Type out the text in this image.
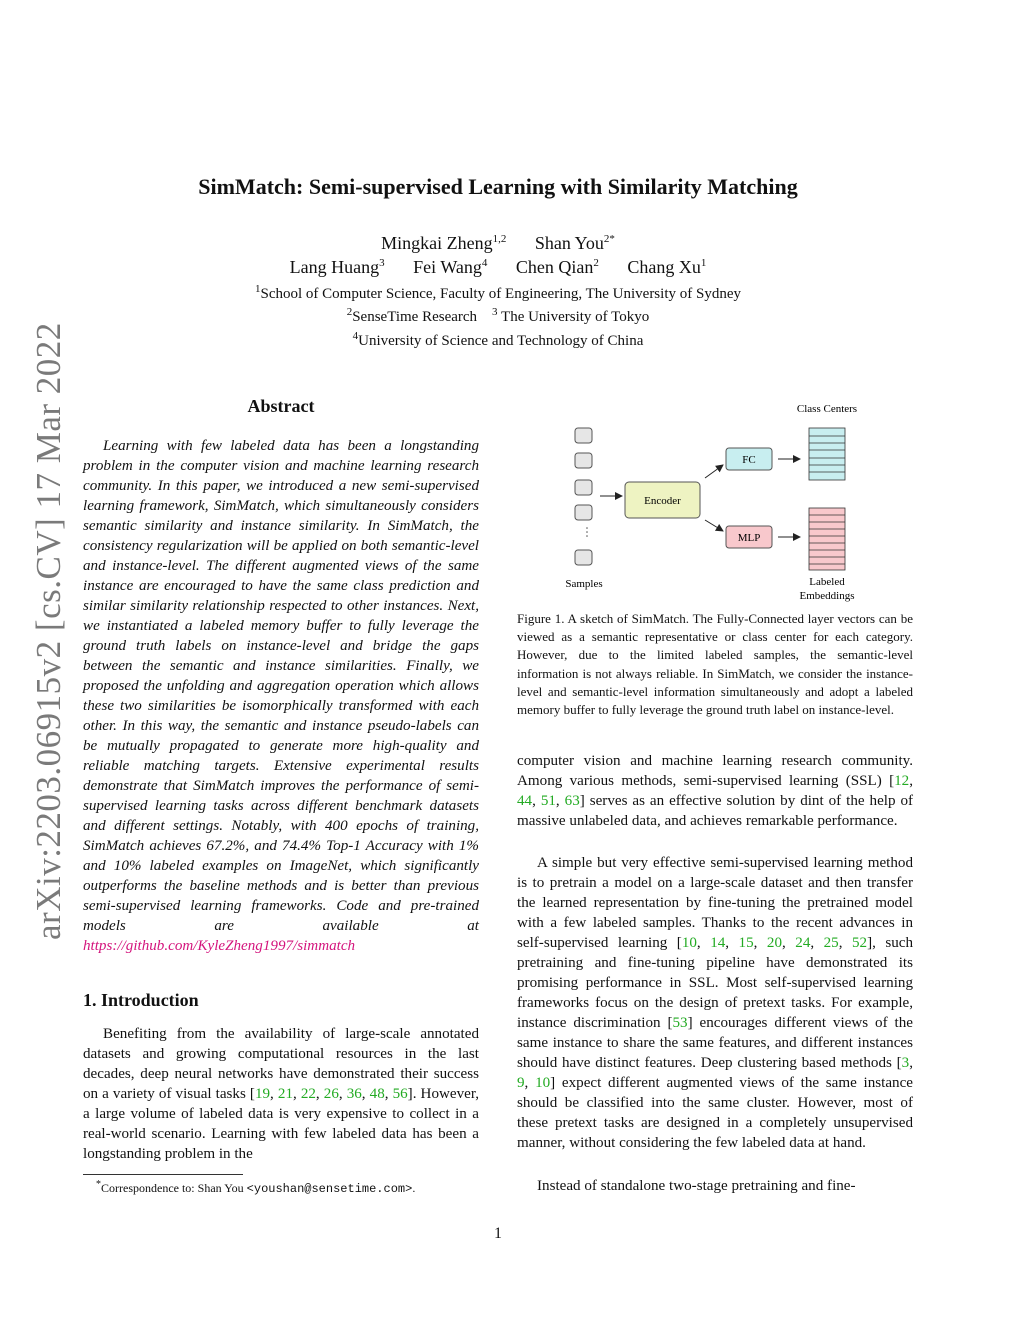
arXiv:2203.06915v2 [cs.CV] 17 Mar 2022
SimMatch: Semi-supervised Learning with Similarity Matching
Mingkai Zheng$^{1,2}$ Shan You$^{2*}$
Lang Huang$^3$ Fei Wang$^4$ Chen Qian$^2$ Chang Xu$^1$
$^1$School of Computer Science, Faculty of Engineering, The University of Sydney
$^2$SenseTime Research $^3$ The University of Tokyo
$^4$University of Science and Technology of China
Abstract

Learning with few labeled data has been a longstanding problem in the computer vision and machine learning research community. In this paper, we introduced a new semi-supervised learning framework, SimMatch, which simultaneously considers semantic similarity and instance similarity. In SimMatch, the consistency regularization will be applied on both semantic-level and instance-level. The different augmented views of the same instance are encouraged to have the same class prediction and similar similarity relationship respected to other instances. Next, we instantiated a labeled memory buffer to fully leverage the ground truth labels on instance-level and bridge the gaps between the semantic and instance similarities. Finally, we proposed the unfolding and aggregation operation which allows these two similarities be isomorphically transformed with each other. In this way, the semantic and instance pseudo-labels can be mutually propagated to generate more high-quality and reliable matching targets. Extensive experimental results demonstrate that SimMatch improves the performance of semi-supervised learning tasks across different benchmark datasets and different settings. Notably, with 400 epochs of training, SimMatch achieves 67.2%, and 74.4% Top-1 Accuracy with 1% and 10% labeled examples on ImageNet, which significantly outperforms the baseline methods and is better than previous semi-supervised learning frameworks. Code and pre-trained models are available at https://github.com/KyleZheng1997/simmatch

1. Introduction

Benefiting from the availability of large-scale annotated datasets and growing computational resources in the last decades, deep neural networks have demonstrated their success on a variety of visual tasks [19, 21, 22, 26, 36, 48, 56]. However, a large volume of labeled data is very expensive to collect in a real-world scenario. Learning with few labeled data has been a longstanding problem in the

*Correspondence to: Shan You <youshan@sensetime.com>.
Encoder
FC
MLP
Class Centers
Samples	Labeled
Embeddings

Figure 1. A sketch of SimMatch. The Fully-Connected layer vectors can be viewed as a semantic representative or class center for each category. However, due to the limited labeled samples, the semantic-level information is not always reliable. In SimMatch, we consider the instance-level and semantic-level information simultaneously and adopt a labeled memory buffer to fully leverage the ground truth label on instance-level.

computer vision and machine learning research community. Among various methods, semi-supervised learning (SSL) [12, 44, 51, 63] serves as an effective solution by dint of the help of massive unlabeled data, and achieves remarkable performance.

A simple but very effective semi-supervised learning method is to pretrain a model on a large-scale dataset and then transfer the learned representation by fine-tuning the pretrained model with a few labeled samples. Thanks to the recent advances in self-supervised learning [10, 14, 15, 20, 24, 25, 52], such pretraining and fine-tuning pipeline have demonstrated its promising performance in SSL. Most self-supervised learning frameworks focus on the design of pretext tasks. For example, instance discrimination [53] encourages different views of the same instance to share the same features, and different instances should have distinct features. Deep clustering based methods [3, 9, 10] expect different augmented views of the same instance should be classified into the same cluster. However, most of these pretext tasks are designed in a completely unsupervised manner, without considering the few labeled data at hand.

Instead of standalone two-stage pretraining and fine-

1
